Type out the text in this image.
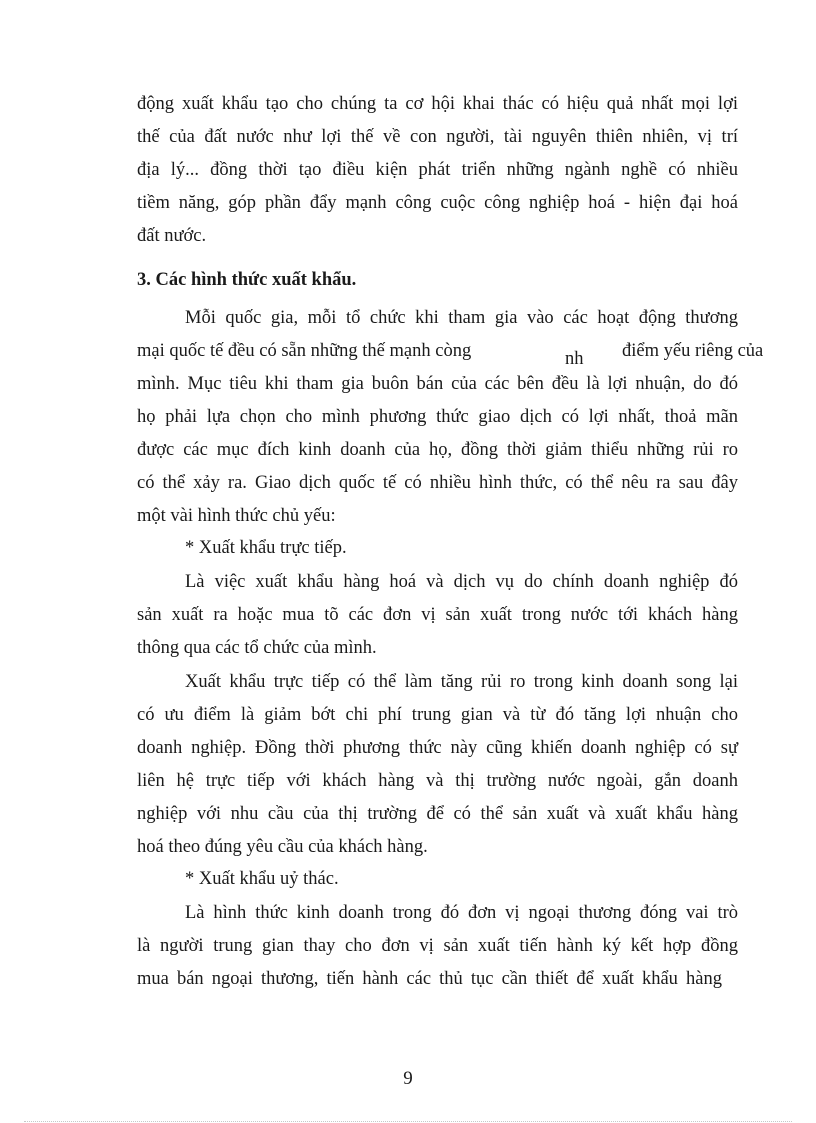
động xuất khẩu tạo cho chúng ta cơ hội khai thác có hiệu quả nhất mọi lợi
thế của đất nước như lợi thế về con người, tài nguyên thiên nhiên, vị trí
địa lý... đồng thời tạo điều kiện phát triển những ngành nghề có nhiều
tiềm năng, góp phần đẩy mạnh công cuộc công nghiệp hoá - hiện đại hoá
đất nước.
3. Các hình thức xuất khẩu.
Mỗi quốc gia, mỗi tổ chức khi tham gia vào các hoạt động thương
mại quốc tế đều có sẵn những thế mạnh còng	nh điểm yếu riêng của
mình. Mục tiêu khi tham gia buôn bán của các bên đều là lợi nhuận, do đó
họ phải lựa chọn cho mình phương thức giao dịch có lợi nhất, thoả mãn
được các mục đích kinh doanh của họ, đồng thời giảm thiểu những rủi ro
có thể xảy ra. Giao dịch quốc tế có nhiều hình thức, có thể nêu ra sau đây
một vài hình thức chủ yếu:
* Xuất khẩu trực tiếp.
Là việc xuất khẩu hàng hoá và dịch vụ do chính doanh nghiệp đó
sản xuất ra hoặc mua tõ các đơn vị sản xuất trong nước tới khách hàng
thông qua các tổ chức của mình.
Xuất khẩu trực tiếp có thể làm tăng rủi ro trong kinh doanh song lại
có ưu điểm là giảm bớt chi phí trung gian và từ đó tăng lợi nhuận cho
doanh nghiệp. Đồng thời phương thức này cũng khiến doanh nghiệp có sự
liên hệ trực tiếp với khách hàng và thị trường nước ngoài, gắn doanh
nghiệp với nhu cầu của thị trường để có thể sản xuất và xuất khẩu hàng
hoá theo đúng yêu cầu của khách hàng.
* Xuất khẩu uỷ thác.
Là hình thức kinh doanh trong đó đơn vị ngoại thương đóng vai trò
là người trung gian thay cho đơn vị sản xuất tiến hành ký kết hợp đồng
mua bán ngoại thương, tiến hành các thủ tục cần thiết để xuất khẩu hàng
9
